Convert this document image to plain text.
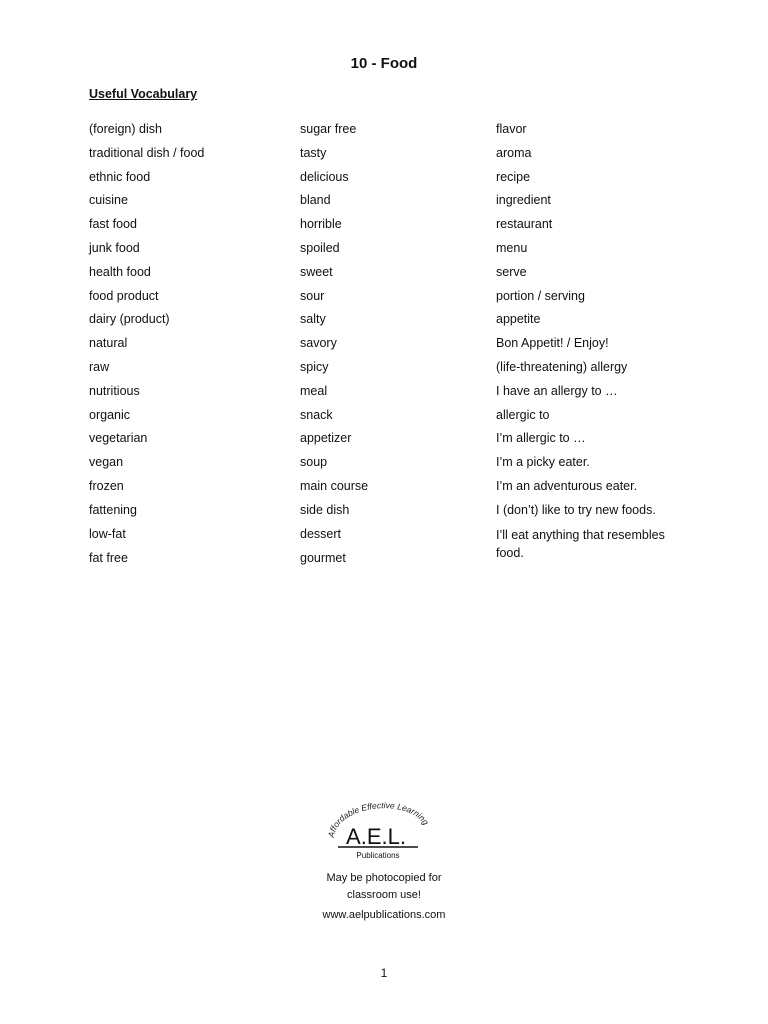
10 - Food
Useful Vocabulary
(foreign) dish
traditional dish / food
ethnic food
cuisine
fast food
junk food
health food
food product
dairy (product)
natural
raw
nutritious
organic
vegetarian
vegan
frozen
fattening
low-fat
fat free
sugar free
tasty
delicious
bland
horrible
spoiled
sweet
sour
salty
savory
spicy
meal
snack
appetizer
soup
main course
side dish
dessert
gourmet
flavor
aroma
recipe
ingredient
restaurant
menu
serve
portion / serving
appetite
Bon Appetit! / Enjoy!
(life-threatening) allergy
I have an allergy to …
allergic to
I’m allergic to …
I’m a picky eater.
I’m an adventurous eater.
I (don’t) like to try new foods.
I’ll eat anything that resembles food.
Affordable Effective Learning
A.E.L.
Publications
May be photocopied for
classroom use!
www.aelpublications.com
1
